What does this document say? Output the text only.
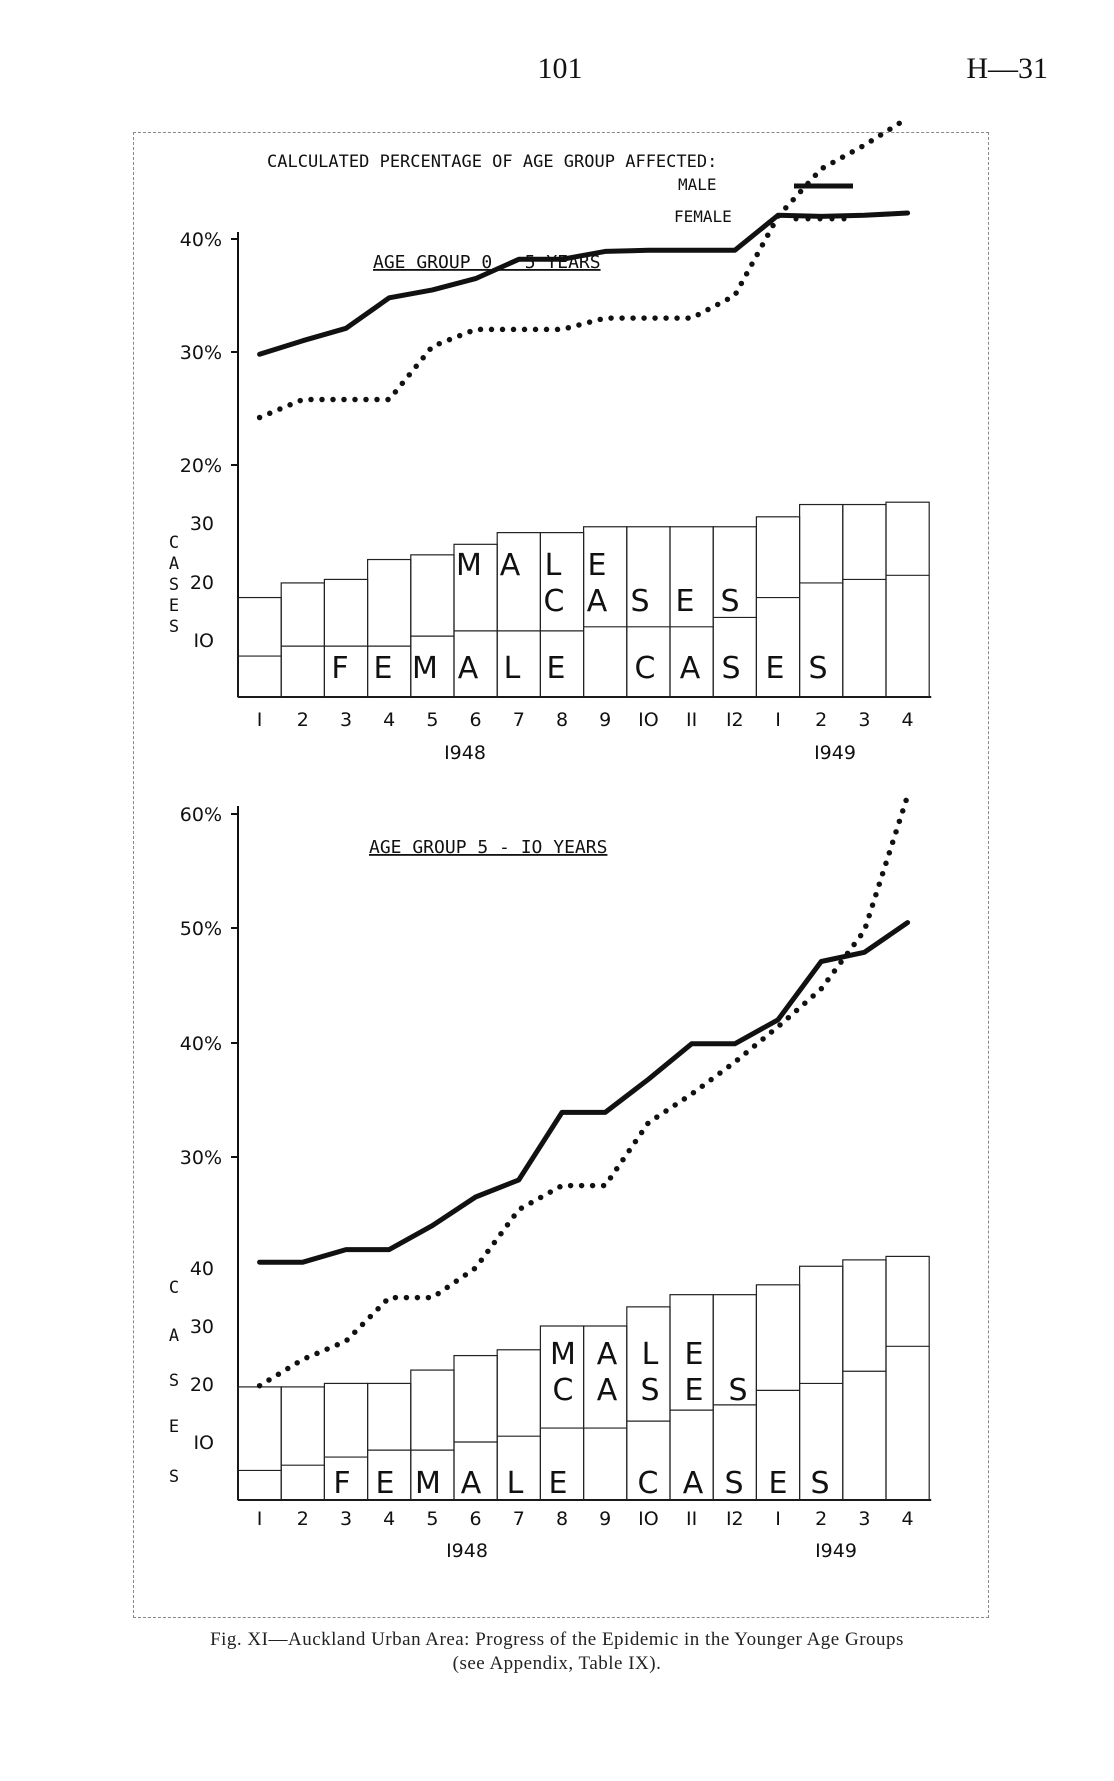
101	H—31
CALCULATED PERCENTAGE OF AGE GROUP AFFECTED:
MALE
FEMALE
AGE GROUP 0 - 5 YEARS
40%
30%
20%
30
20
IO
C
A
S
E
S
M A L E
C A S E S
F E M A L E C A S E S
I 2 3 4 5 6 7 8 9 IO II I2 I 2 3 4
I948	I949
AGE GROUP 5 - IO YEARS
60%
50%
40%
30%
40
30
20
IO
C
A
S
E
S
M A L E
C A S E S
F E M A L E C A S E S
I 2 3 4 5 6 7 8 9 IO II I2 I 2 3 4
I948	I949
Fig. XI—Auckland Urban Area: Progress of the Epidemic in the Younger Age Groups
(see Appendix, Table IX).
